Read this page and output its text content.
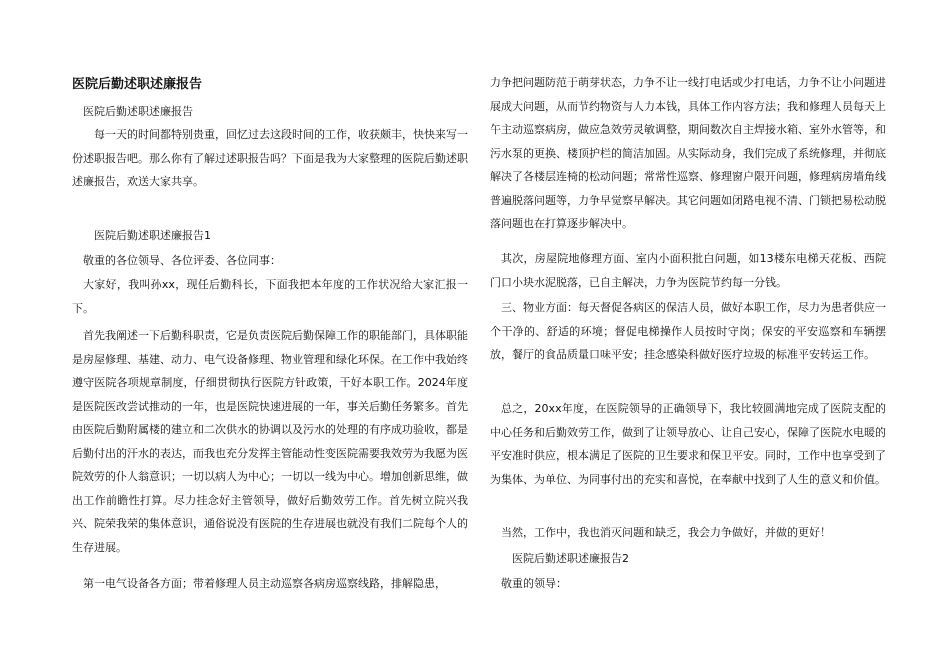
医院后勤述职述廉报告

医院后勤述职述廉报告

每一天的时间都特别贵重，回忆过去这段时间的工作，收获颇丰，快快来写一份述职报告吧。那么你有了解过述职报告吗？下面是我为大家整理的医院后勤述职述廉报告，欢送大家共享。

医院后勤述职述廉报告1

敬重的各位领导、各位评委、各位同事：

大家好，我叫孙xx，现任后勤科长，下面我把本年度的工作状况给大家汇报一下。

首先我阐述一下后勤科职责，它是负责医院后勤保障工作的职能部门，具体职能是房屋修理、基建、动力、电气设备修理、物业管理和绿化环保。在工作中我始终遵守医院各项规章制度，仔细贯彻执行医院方针政策，干好本职工作。2024年度是医院医改尝试推动的一年，也是医院快速进展的一年，事关后勤任务繁多。首先由医院后勤附属楼的建立和二次供水的协调以及污水的处理的有序成功验收，都是后勤付出的汗水的表达，而我也充分发挥主管能动性变医院需要我效劳为我愿为医院效劳的仆人翁意识；一切以病人为中心；一切以一线为中心。增加创新思维，做出工作前瞻性打算。尽力挂念好主管领导，做好后勤效劳工作。首先树立院兴我兴、院荣我荣的集体意识，通俗说没有医院的生存进展也就没有我们二院每个人的生存进展。

第一电气设备各方面；带着修理人员主动巡察各病房巡察线路，排解隐患，

力争把问题防范于萌芽状态，力争不让一线打电话或少打电话，力争不让小问题进展成大问题，从而节约物资与人力本钱，具体工作内容方法；我和修理人员每天上午主动巡察病房，做应急效劳灵敏调整，期间数次自主焊接水箱、室外水管等，和污水泵的更换、楼顶护栏的简洁加固。从实际动身，我们完成了系统修理，并彻底解决了各楼层连椅的松动问题；常常性巡察、修理窗户限开问题，修理病房墙角线普遍脱落问题等，力争早觉察早解决。其它问题如闭路电视不清、门锁把易松动脱落问题也在打算逐步解决中。

其次，房屋院地修理方面、室内小面积批白问题，如13楼东电梯天花板、西院门口小块水泥脱落，已自主解决，力争为医院节约每一分钱。

三、物业方面：每天督促各病区的保洁人员，做好本职工作，尽力为患者供应一个干净的、舒适的环境；督促电梯操作人员按时守岗；保安的平安巡察和车辆摆放，餐厅的食品质量口味平安；挂念感染科做好医疗垃圾的标准平安转运工作。

总之，20xx年度，在医院领导的正确领导下，我比较圆满地完成了医院支配的中心任务和后勤效劳工作，做到了让领导放心、让自己安心，保障了医院水电暖的平安准时供应，根本满足了医院的卫生要求和保卫平安。同时，工作中也享受到了为集体、为单位、为同事付出的充实和喜悦，在奉献中找到了人生的意义和价值。

当然，工作中，我也消灭问题和缺乏，我会力争做好，并做的更好！

医院后勤述职述廉报告2

敬重的领导：
